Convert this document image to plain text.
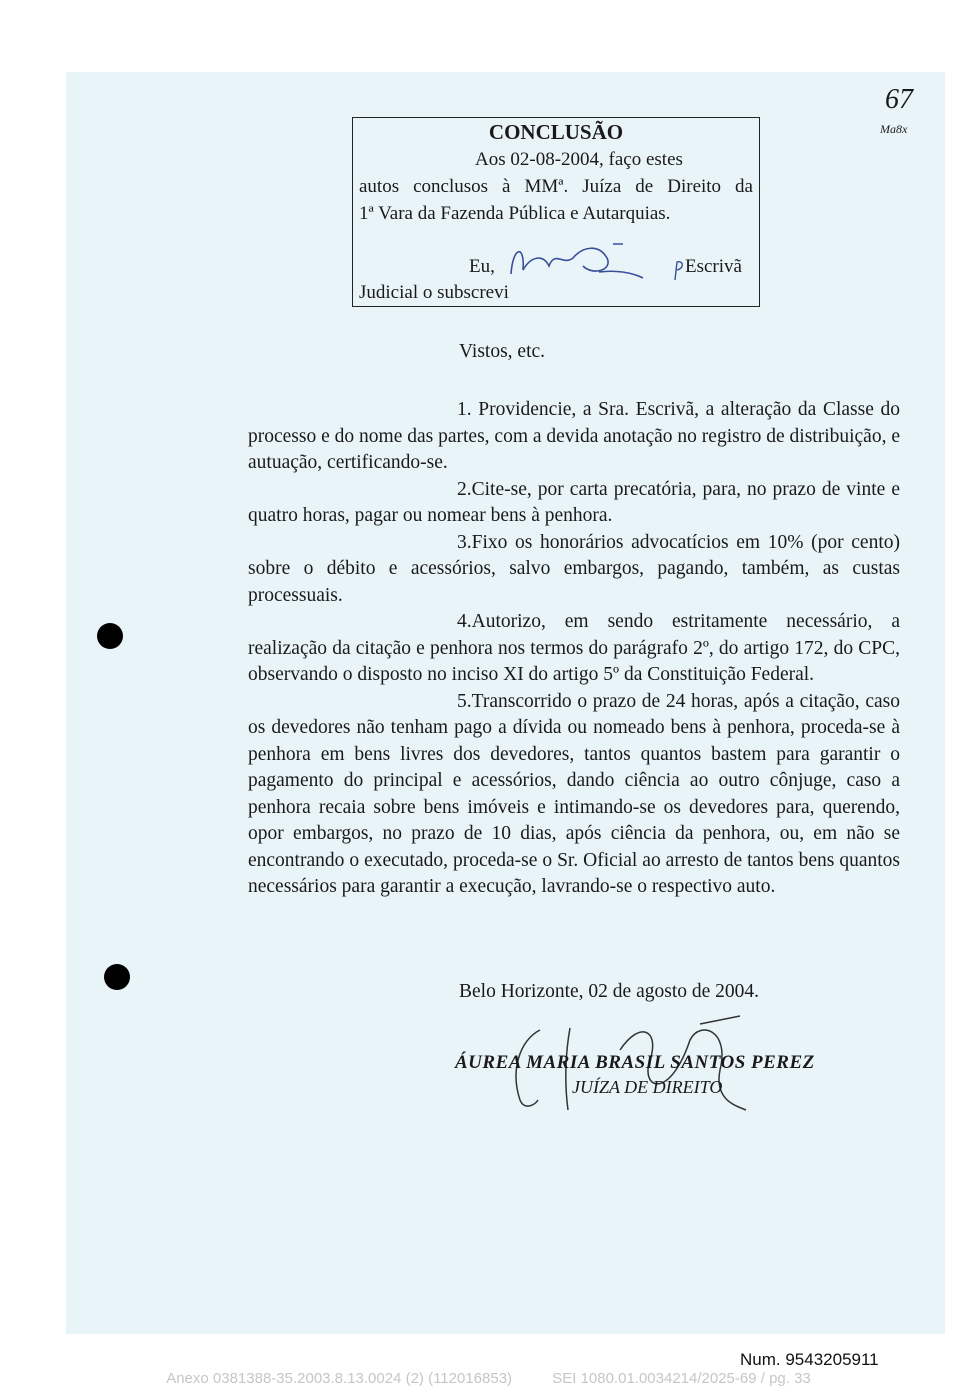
67
Ma8x
CONCLUSÃO
Aos 02-08-2004, faço estes
autos conclusos à MMª. Juíza de Direito da
1ª Vara da Fazenda Pública e Autarquias.
Eu,	Escrivã
Judicial o subscrevi
Vistos, etc.

1. Providencie, a Sra. Escrivã, a alteração da Classe do processo e do nome das partes, com a devida anotação no registro de distribuição, e autuação, certificando-se.

2.Cite-se, por carta precatória, para, no prazo de vinte e quatro horas, pagar ou nomear bens à penhora.

3.Fixo os honorários advocatícios em 10% (por cento) sobre o débito e acessórios, salvo embargos, pagando, também, as custas processuais.

4.Autorizo, em sendo estritamente necessário, a realização da citação e penhora nos termos do parágrafo 2º, do artigo 172, do CPC, observando o disposto no inciso XI do artigo 5º da Constituição Federal.

5.Transcorrido o prazo de 24 horas, após a citação, caso os devedores não tenham pago a dívida ou nomeado bens à penhora, proceda-se à penhora em bens livres dos devedores, tantos quantos bastem para garantir o pagamento do principal e acessórios, dando ciência ao outro cônjuge, caso a penhora recaia sobre bens imóveis e intimando-se os devedores para, querendo, opor embargos, no prazo de 10 dias, após ciência da penhora, ou, em não se encontrando o executado, proceda-se o Sr. Oficial ao arresto de tantos bens quantos necessários para garantir a execução, lavrando-se o respectivo auto.

Belo Horizonte, 02 de agosto de 2004.
ÁUREA MARIA BRASIL SANTOS PEREZ
JUÍZA DE DIREITO
Num. 9543205911
Anexo 0381388-35.2003.8.13.0024 (2) (112016853)	SEI 1080.01.0034214/2025-69 / pg. 33
